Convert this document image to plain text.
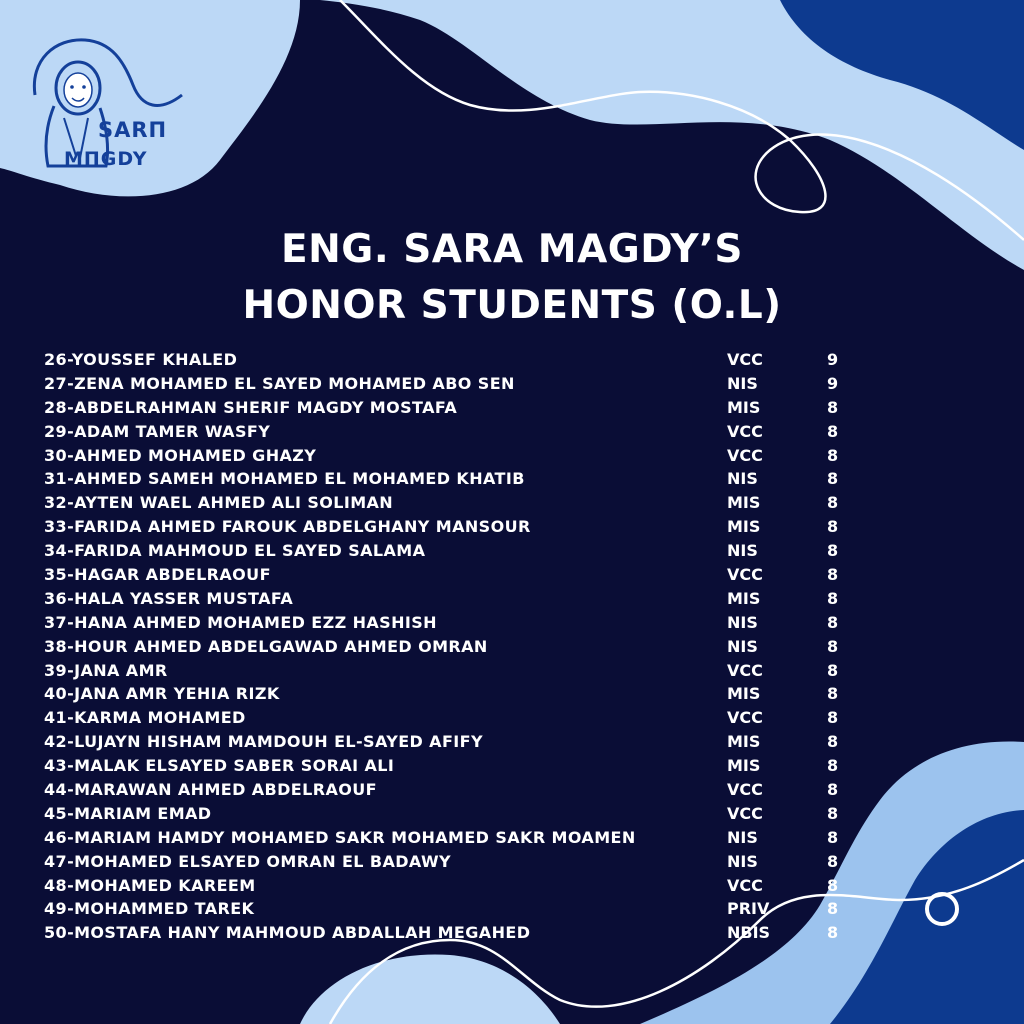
SARΠ
MΠGDY
ENG. SARA MAGDY’S
HONOR STUDENTS (O.L)
26-YOUSSEF KHALED	VCC	9
27-ZENA MOHAMED EL SAYED MOHAMED ABO SEN	NIS	9
28-ABDELRAHMAN SHERIF MAGDY MOSTAFA	MIS	8
29-ADAM TAMER WASFY	VCC	8
30-AHMED MOHAMED GHAZY	VCC	8
31-AHMED SAMEH MOHAMED EL MOHAMED KHATIB	NIS	8
32-AYTEN WAEL AHMED ALI SOLIMAN	MIS	8
33-FARIDA AHMED FAROUK ABDELGHANY MANSOUR	MIS	8
34-FARIDA MAHMOUD EL SAYED SALAMA	NIS	8
35-HAGAR ABDELRAOUF	VCC	8
36-HALA YASSER MUSTAFA	MIS	8
37-HANA AHMED MOHAMED EZZ HASHISH	NIS	8
38-HOUR AHMED ABDELGAWAD AHMED OMRAN	NIS	8
39-JANA AMR	VCC	8
40-JANA AMR YEHIA RIZK	MIS	8
41-KARMA MOHAMED	VCC	8
42-LUJAYN HISHAM MAMDOUH EL-SAYED AFIFY	MIS	8
43-MALAK ELSAYED SABER SORAI ALI	MIS	8
44-MARAWAN AHMED ABDELRAOUF	VCC	8
45-MARIAM EMAD	VCC	8
46-MARIAM HAMDY MOHAMED SAKR MOHAMED SAKR MOAMEN	NIS	8
47-MOHAMED ELSAYED OMRAN EL BADAWY	NIS	8
48-MOHAMED KAREEM	VCC	8
49-MOHAMMED TAREK	PRIV	8
50-MOSTAFA HANY MAHMOUD ABDALLAH MEGAHED	NBIS	8
